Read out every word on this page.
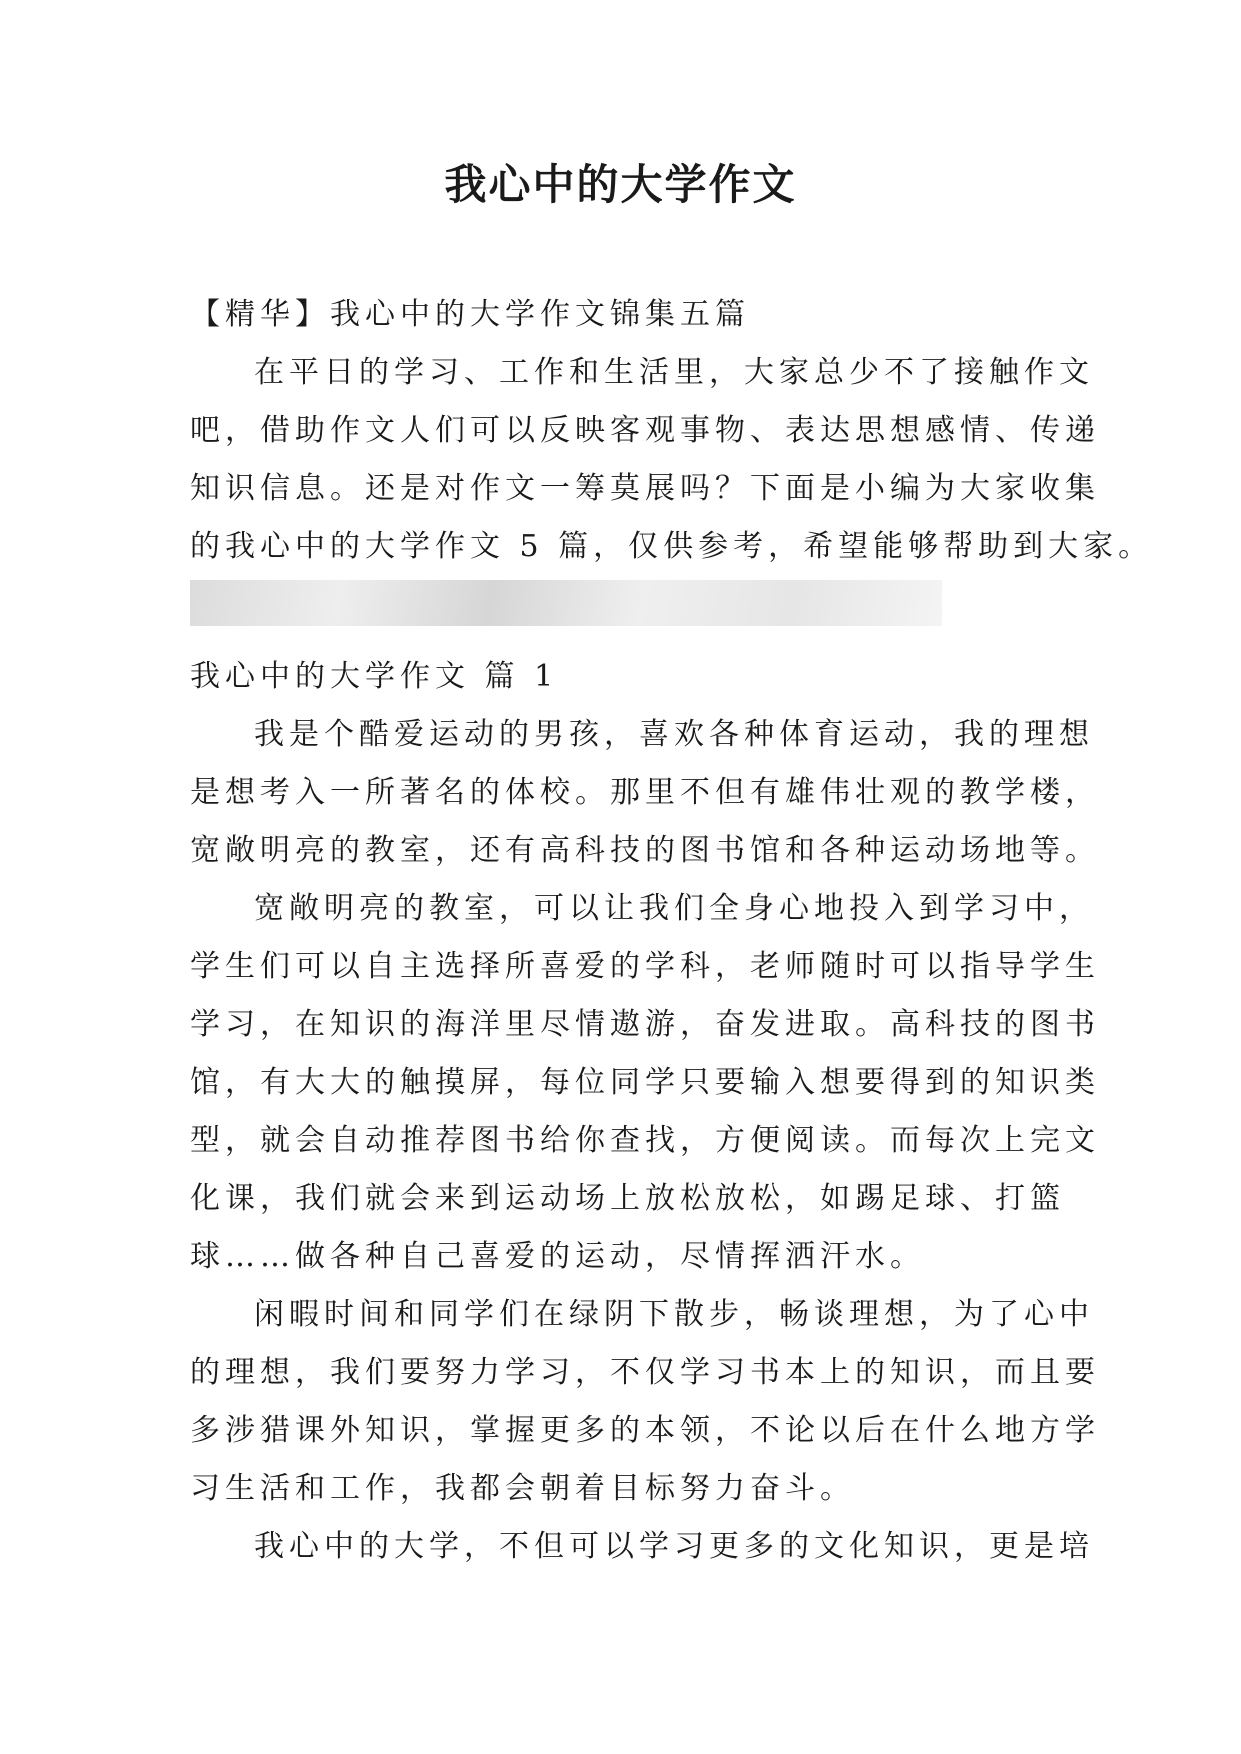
我心中的大学作文

【精华】我心中的大学作文锦集五篇

在平日的学习、工作和生活里，大家总少不了接触作文

吧，借助作文人们可以反映客观事物、表达思想感情、传递

知识信息。还是对作文一筹莫展吗？下面是小编为大家收集

的我心中的大学作文 5 篇，仅供参考，希望能够帮助到大家。

我心中的大学作文 篇 1

我是个酷爱运动的男孩，喜欢各种体育运动，我的理想

是想考入一所著名的体校。那里不但有雄伟壮观的教学楼，

宽敞明亮的教室，还有高科技的图书馆和各种运动场地等。

宽敞明亮的教室，可以让我们全身心地投入到学习中，

学生们可以自主选择所喜爱的学科，老师随时可以指导学生

学习，在知识的海洋里尽情遨游，奋发进取。高科技的图书

馆，有大大的触摸屏，每位同学只要输入想要得到的知识类

型，就会自动推荐图书给你查找，方便阅读。而每次上完文

化课，我们就会来到运动场上放松放松，如踢足球、打篮

球……做各种自己喜爱的运动，尽情挥洒汗水。

闲暇时间和同学们在绿阴下散步，畅谈理想，为了心中

的理想，我们要努力学习，不仅学习书本上的知识，而且要

多涉猎课外知识，掌握更多的本领，不论以后在什么地方学

习生活和工作，我都会朝着目标努力奋斗。

我心中的大学，不但可以学习更多的文化知识，更是培
